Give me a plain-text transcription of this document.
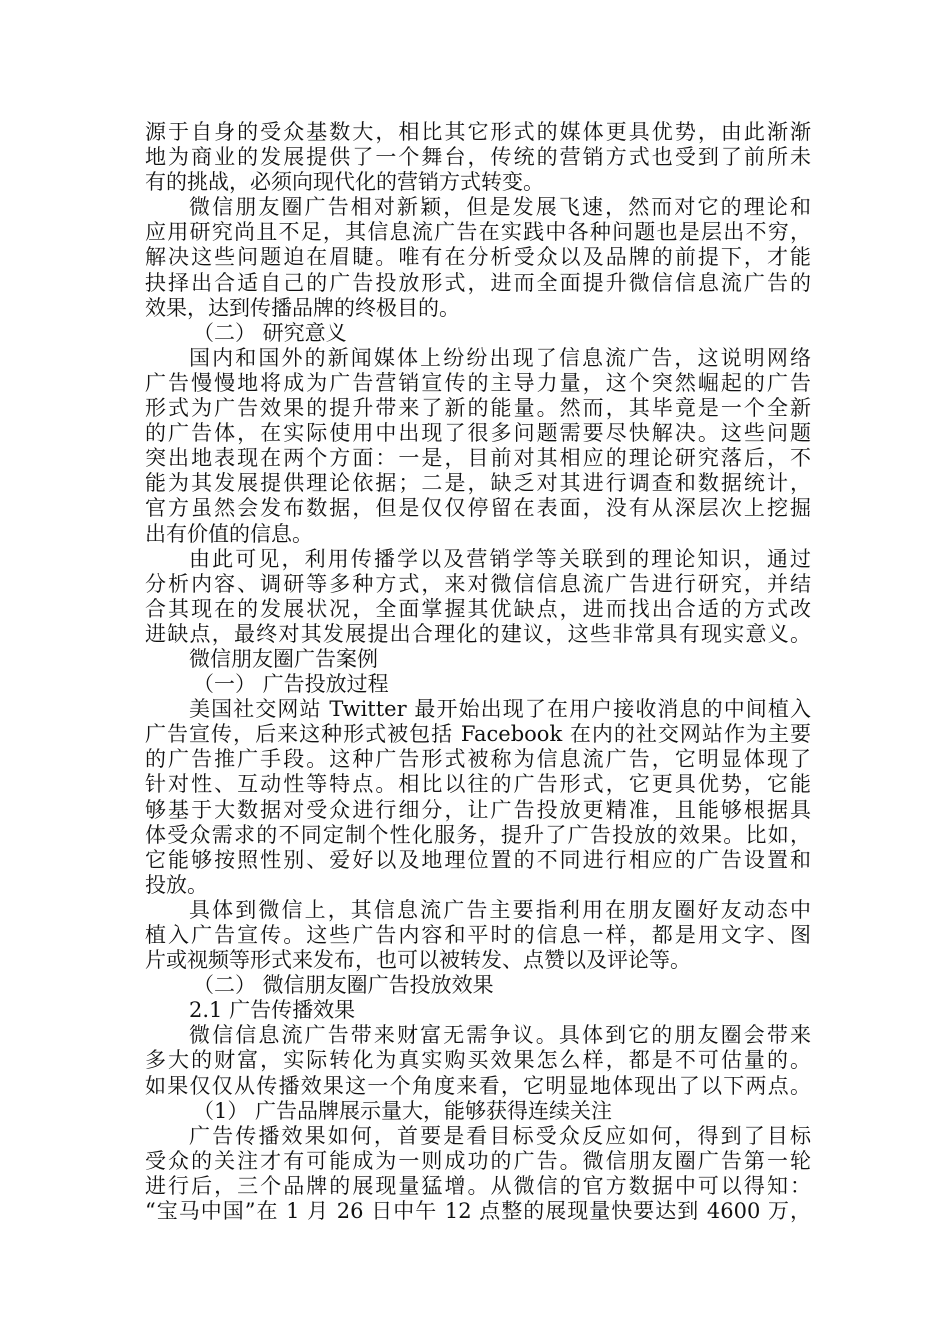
源于自身的受众基数大，相比其它形式的媒体更具优势，由此渐渐
地为商业的发展提供了一个舞台，传统的营销方式也受到了前所未
有的挑战，必须向现代化的营销方式转变。
微信朋友圈广告相对新颖，但是发展飞速，然而对它的理论和
应用研究尚且不足，其信息流广告在实践中各种问题也是层出不穷，
解决这些问题迫在眉睫。唯有在分析受众以及品牌的前提下，才能
抉择出合适自己的广告投放形式，进而全面提升微信信息流广告的
效果，达到传播品牌的终极目的。
（二） 研究意义
国内和国外的新闻媒体上纷纷出现了信息流广告，这说明网络
广告慢慢地将成为广告营销宣传的主导力量，这个突然崛起的广告
形式为广告效果的提升带来了新的能量。然而，其毕竟是一个全新
的广告体，在实际使用中出现了很多问题需要尽快解决。这些问题
突出地表现在两个方面：一是，目前对其相应的理论研究落后，不
能为其发展提供理论依据；二是，缺乏对其进行调查和数据统计，
官方虽然会发布数据，但是仅仅停留在表面，没有从深层次上挖掘
出有价值的信息。
由此可见，利用传播学以及营销学等关联到的理论知识，通过
分析内容、调研等多种方式，来对微信信息流广告进行研究，并结
合其现在的发展状况，全面掌握其优缺点，进而找出合适的方式改
进缺点，最终对其发展提出合理化的建议，这些非常具有现实意义。
微信朋友圈广告案例
（一） 广告投放过程
美国社交网站 Twitter 最开始出现了在用户接收消息的中间植入
广告宣传，后来这种形式被包括 Facebook 在内的社交网站作为主要
的广告推广手段。这种广告形式被称为信息流广告，它明显体现了
针对性、互动性等特点。相比以往的广告形式，它更具优势，它能
够基于大数据对受众进行细分，让广告投放更精准，且能够根据具
体受众需求的不同定制个性化服务，提升了广告投放的效果。比如，
它能够按照性别、爱好以及地理位置的不同进行相应的广告设置和
投放。
具体到微信上，其信息流广告主要指利用在朋友圈好友动态中
植入广告宣传。这些广告内容和平时的信息一样，都是用文字、图
片或视频等形式来发布，也可以被转发、点赞以及评论等。
（二） 微信朋友圈广告投放效果
2.1 广告传播效果
微信信息流广告带来财富无需争议。具体到它的朋友圈会带来
多大的财富，实际转化为真实购买效果怎么样，都是不可估量的。
如果仅仅从传播效果这一个角度来看，它明显地体现出了以下两点。
（1） 广告品牌展示量大，能够获得连续关注
广告传播效果如何，首要是看目标受众反应如何，得到了目标
受众的关注才有可能成为一则成功的广告。微信朋友圈广告第一轮
进行后，三个品牌的展现量猛增。从微信的官方数据中可以得知：
“宝马中国”在 1 月 26 日中午 12 点整的展现量快要达到 4600 万，
